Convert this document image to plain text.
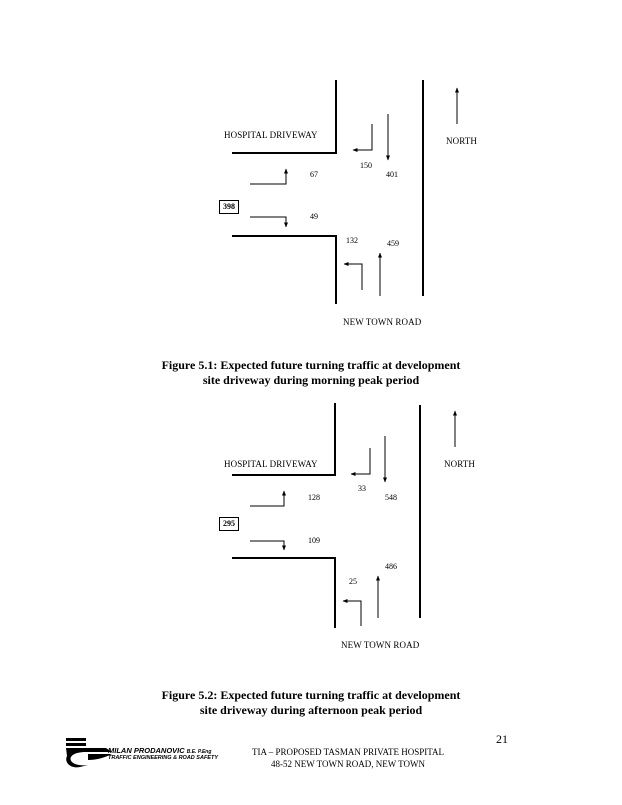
HOSPITAL DRIVEWAY
NORTH
NEW TOWN ROAD
398
67
49
150
401
132	459
Figure 5.1: Expected future turning traffic at development
site driveway during morning peak period
HOSPITAL DRIVEWAY	NORTH
NEW TOWN ROAD
295
128
109
33
548
25
486
Figure 5.2: Expected future turning traffic at development
site driveway during afternoon peak period
21
MILAN PRODANOVIC B.E. P.Eng
TRAFFIC ENGINEERING & ROAD SAFETY
TIA – PROPOSED TASMAN PRIVATE HOSPITAL
48-52 NEW TOWN ROAD, NEW TOWN
